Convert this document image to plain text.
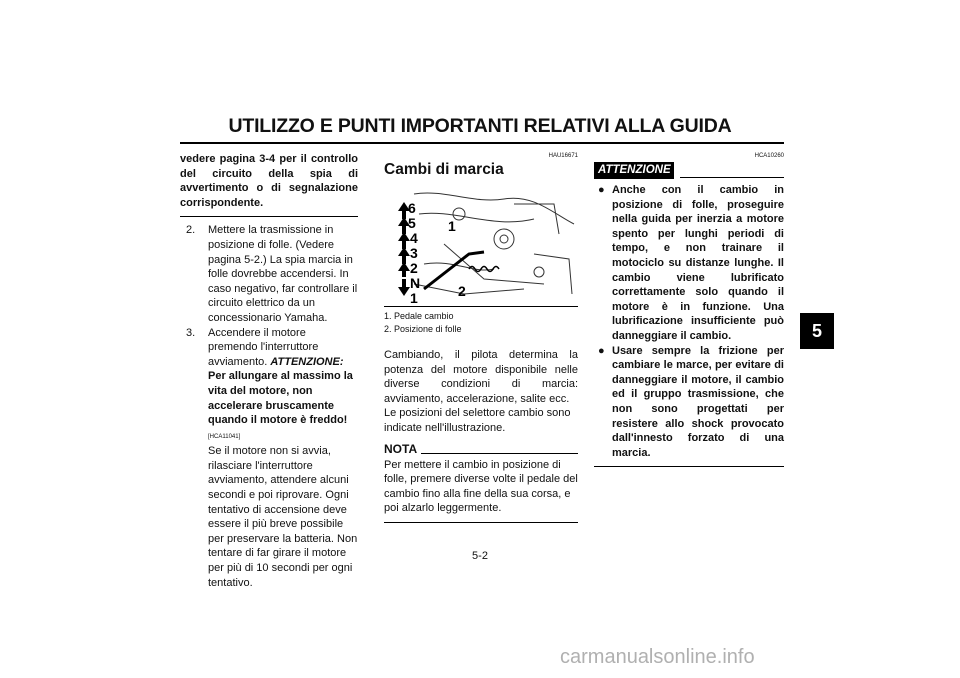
UTILIZZO E PUNTI IMPORTANTI RELATIVI ALLA GUIDA
5
vedere pagina 3-4 per il controllo del circuito della spia di avvertimento o di segnalazione corrispondente.
2.	Mettere la trasmissione in posizione di folle. (Vedere pagina 5-2.) La spia marcia in folle dovrebbe accendersi. In caso negativo, far controllare il circuito elettrico da un concessionario Yamaha.
3.	Accendere il motore premendo l'interruttore avviamento. ATTENZIONE: Per allungare al massimo la vita del motore, non accelerare bruscamente quando il motore è freddo! [HCA11041]
Se il motore non si avvia, rilasciare l'interruttore avviamento, attendere alcuni secondi e poi riprovare. Ogni tentativo di accensione deve essere il più breve possibile per preservare la batteria. Non tentare di far girare il motore per più di 10 secondi per ogni tentativo.
HAU16671
Cambi di marcia
6
5
4
3
2
N
1
1
2
1. Pedale cambio
2. Posizione di folle
Cambiando, il pilota determina la potenza del motore disponibile nelle diverse condizioni di marcia: avviamento, accelerazione, salite ecc.
Le posizioni del selettore cambio sono indicate nell'illustrazione.
NOTA
Per mettere il cambio in posizione di folle, premere diverse volte il pedale del cambio fino alla fine della sua corsa, e poi alzarlo leggermente.
HCA10260
ATTENZIONE
● Anche con il cambio in posizione di folle, proseguire nella guida per inerzia a motore spento per lunghi periodi di tempo, e non trainare il motociclo su distanze lunghe. Il cambio viene lubrificato correttamente solo quando il motore è in funzione. Una lubrificazione insufficiente può danneggiare il cambio.
● Usare sempre la frizione per cambiare le marce, per evitare di danneggiare il motore, il cambio ed il gruppo trasmissione, che non sono progettati per resistere allo shock provocato dall'innesto forzato di una marcia.
5-2
carmanualsonline.info
